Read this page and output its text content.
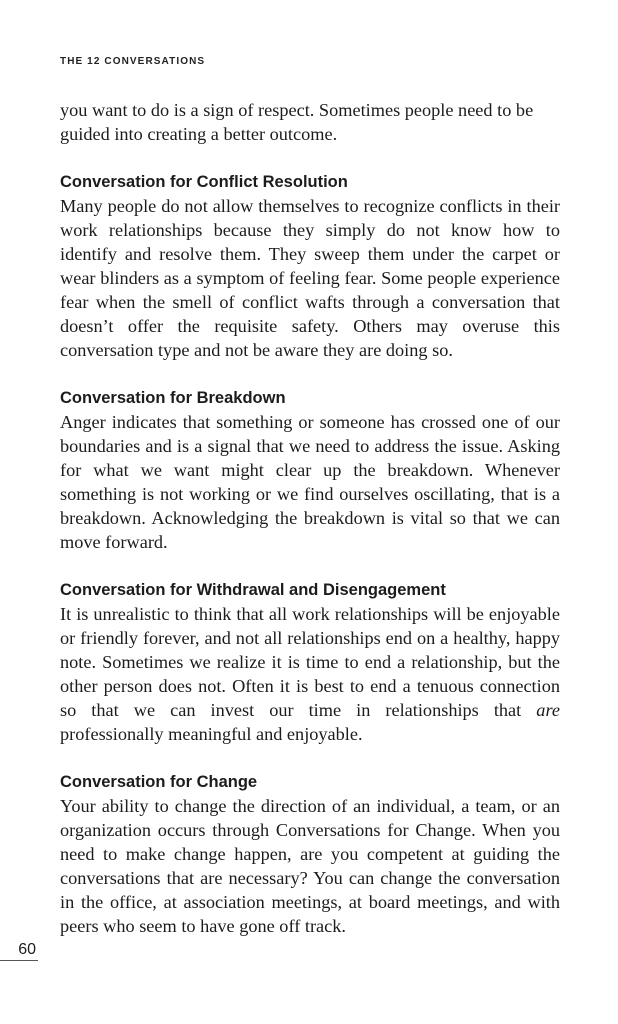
THE 12 CONVERSATIONS

you want to do is a sign of respect. Sometimes people need to be guided into creating a better outcome.

Conversation for Conflict Resolution

Many people do not allow themselves to recognize conflicts in their work relationships because they simply do not know how to identify and resolve them. They sweep them under the carpet or wear blinders as a symptom of feeling fear. Some people experience fear when the smell of conflict wafts through a conversation that doesn’t offer the requisite safety. Others may overuse this conversation type and not be aware they are doing so.

Conversation for Breakdown

Anger indicates that something or someone has crossed one of our boundaries and is a signal that we need to address the issue. Asking for what we want might clear up the breakdown. Whenever something is not working or we find ourselves oscillating, that is a breakdown. Acknowledging the breakdown is vital so that we can move forward.

Conversation for Withdrawal and Disengagement

It is unrealistic to think that all work relationships will be enjoyable or friendly forever, and not all relationships end on a healthy, happy note. Sometimes we realize it is time to end a relationship, but the other person does not. Often it is best to end a tenuous connection so that we can invest our time in relationships that are professionally meaningful and enjoyable.

Conversation for Change

Your ability to change the direction of an individual, a team, or an organization occurs through Conversations for Change. When you need to make change happen, are you competent at guiding the conversations that are necessary? You can change the conversation in the office, at association meetings, at board meetings, and with peers who seem to have gone off track.

60
